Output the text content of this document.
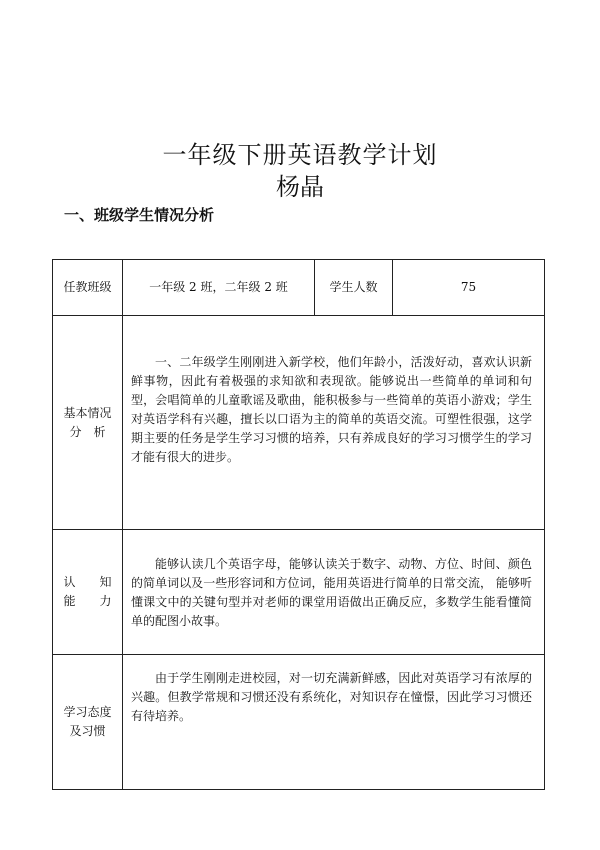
一年级下册英语教学计划
杨晶
一、班级学生情况分析
任教班级	一年级 2 班，二年级 2 班	学生人数	75

基本情况
分　析	一、二年级学生刚刚进入新学校，他们年龄小，活泼好动，喜欢认识新鲜事物，因此有着极强的求知欲和表现欲。能够说出一些简单的单词和句型，会唱简单的儿童歌谣及歌曲，能积极参与一些简单的英语小游戏；学生对英语学科有兴趣，擅长以口语为主的简单的英语交流。可塑性很强，这学期主要的任务是学生学习习惯的培养，只有养成良好的学习习惯学生的学习才能有很大的进步。		

认　　知
能　　力	能够认读几个英语字母，能够认读关于数字、动物、方位、时间、颜色的简单词以及一些形容词和方位词，能用英语进行简单的日常交流， 能够听懂课文中的关键句型并对老师的课堂用语做出正确反应，多数学生能看懂简单的配图小故事。		

学习态度
及习惯	由于学生刚刚走进校园，对一切充满新鲜感，因此对英语学习有浓厚的兴趣。但教学常规和习惯还没有系统化，对知识存在憧憬，因此学习习惯还有待培养。		
